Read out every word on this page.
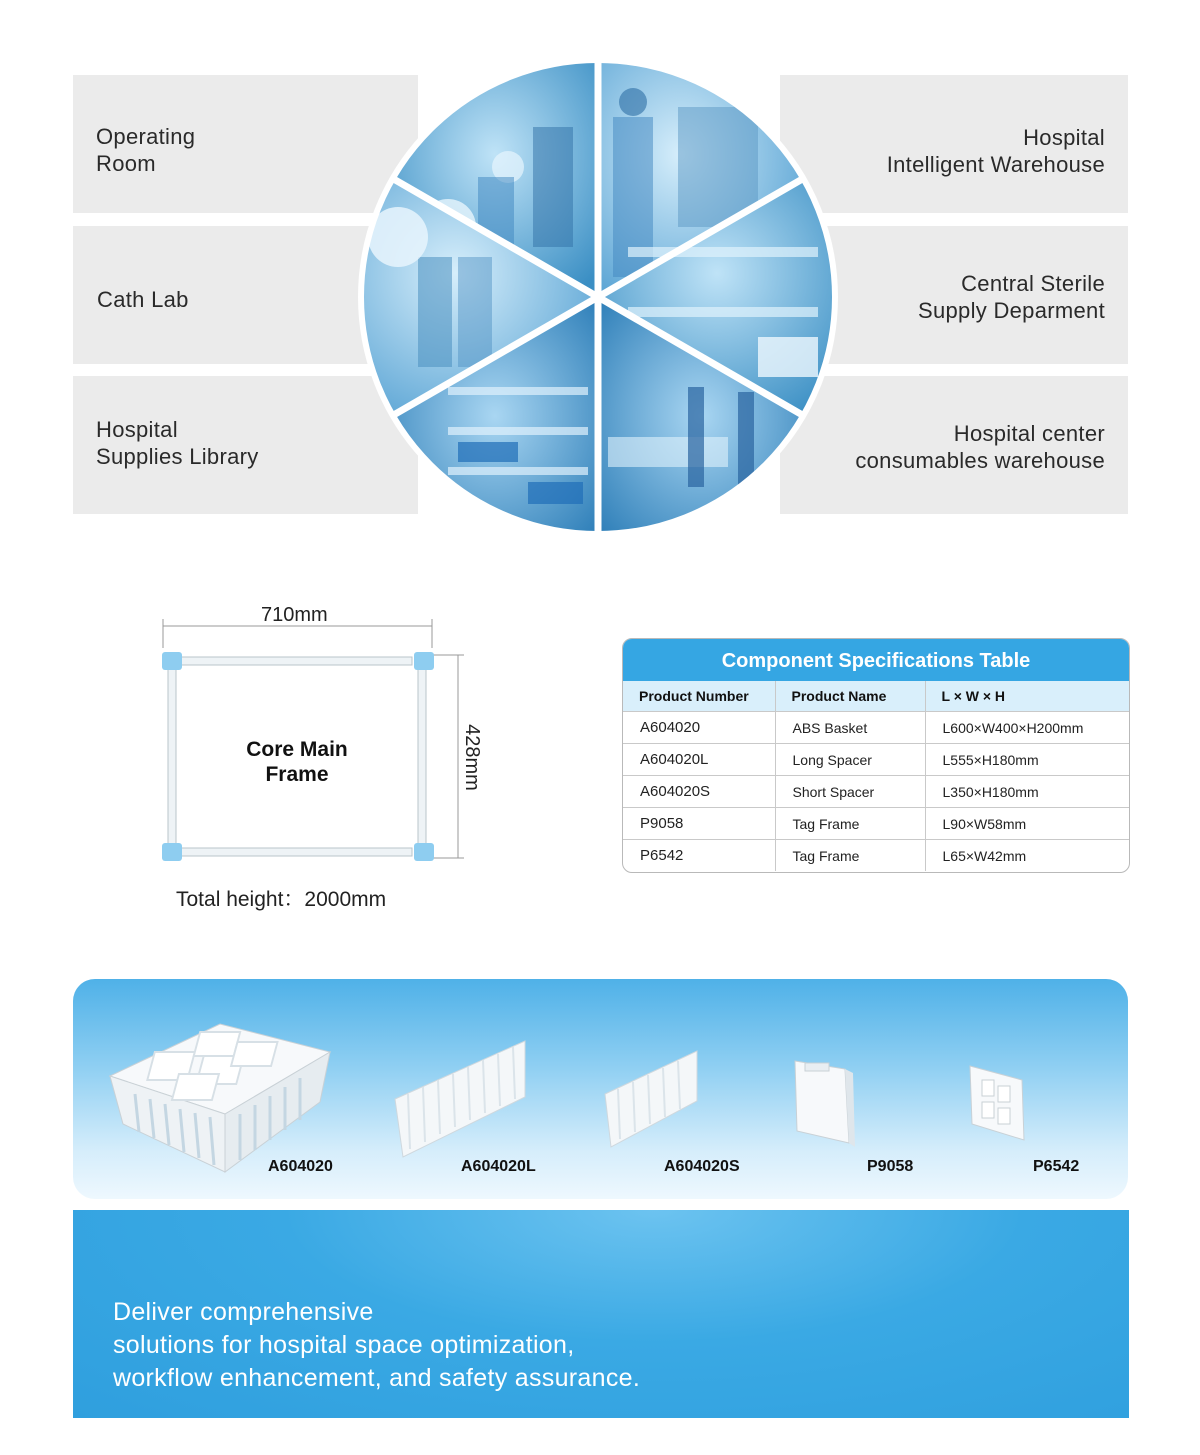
Operating
Room
Cath Lab
Hospital
Supplies Library
Hospital
Intelligent Warehouse
Central Sterile
Supply Deparment
Hospital center
consumables warehouse
710mm
428mm
Core Main
Frame
Total height：2000mm
Component Specifications Table
Product Number	Product Name	L × W × H
A604020	ABS Basket	L600×W400×H200mm
A604020L	Long Spacer	L555×H180mm
A604020S	Short Spacer	L350×H180mm
P9058	Tag Frame	L90×W58mm
P6542	Tag Frame	L65×W42mm
A604020	A604020L	A604020S	P9058	P6542
Deliver comprehensive
solutions for hospital space optimization,
workflow enhancement, and safety assurance.
